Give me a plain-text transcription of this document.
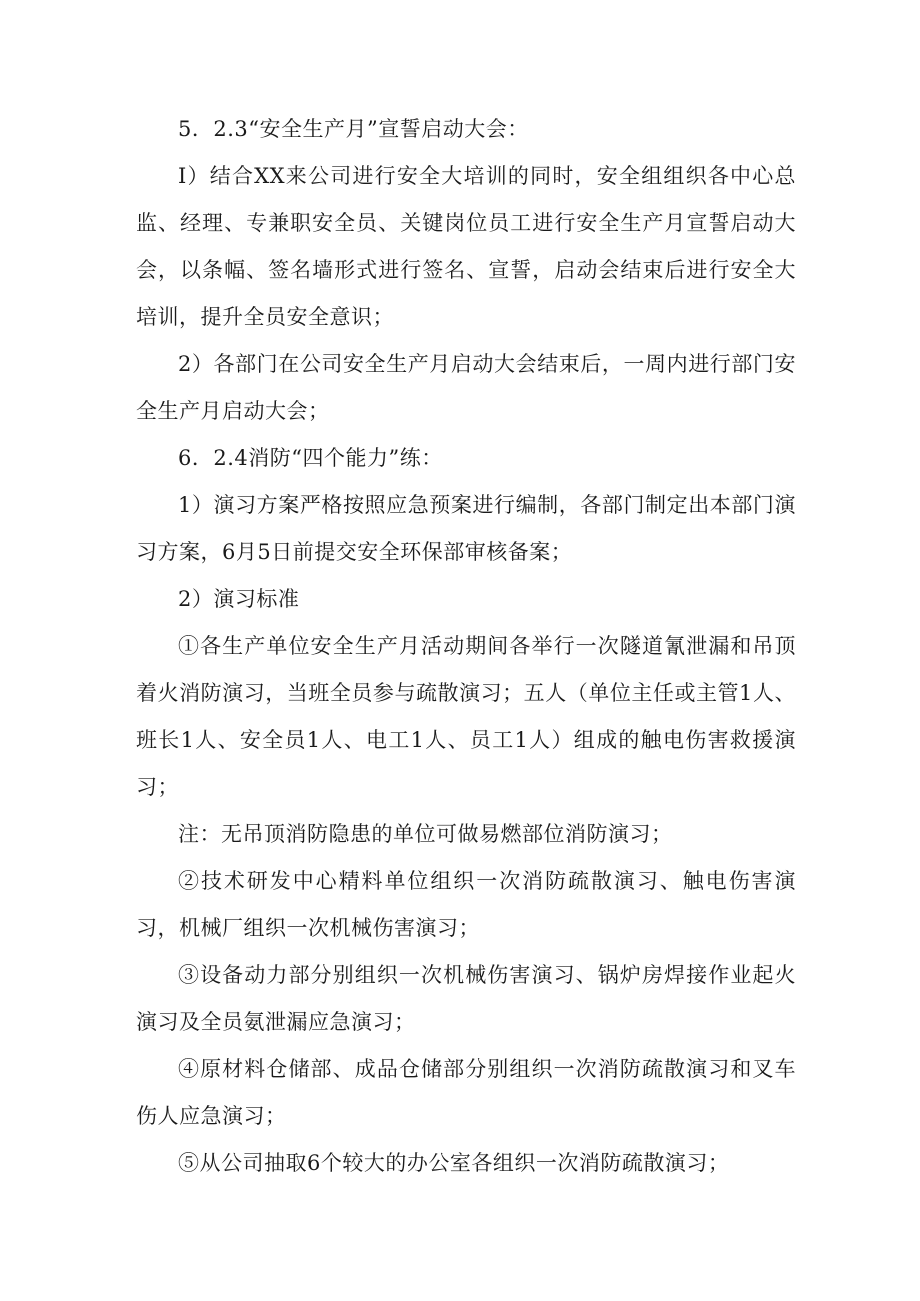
5．2.3“安全生产月”宣誓启动大会：

I）结合XX来公司进行安全大培训的同时，安全组组织各中心总监、经理、专兼职安全员、关键岗位员工进行安全生产月宣誓启动大会，以条幅、签名墙形式进行签名、宣誓，启动会结束后进行安全大培训，提升全员安全意识；

2）各部门在公司安全生产月启动大会结束后，一周内进行部门安全生产月启动大会；

6．2.4消防“四个能力”练：

1）演习方案严格按照应急预案进行编制，各部门制定出本部门演习方案，6月5日前提交安全环保部审核备案；

2）演习标准

①各生产单位安全生产月活动期间各举行一次隧道氰泄漏和吊顶着火消防演习，当班全员参与疏散演习；五人（单位主任或主管1人、班长1人、安全员1人、电工1人、员工1人）组成的触电伤害救援演习；

注：无吊顶消防隐患的单位可做易燃部位消防演习；

②技术研发中心精料单位组织一次消防疏散演习、触电伤害演习，机械厂组织一次机械伤害演习；

③设备动力部分别组织一次机械伤害演习、锅炉房焊接作业起火演习及全员氨泄漏应急演习；

④原材料仓储部、成品仓储部分别组织一次消防疏散演习和叉车伤人应急演习；

⑤从公司抽取6个较大的办公室各组织一次消防疏散演习；
